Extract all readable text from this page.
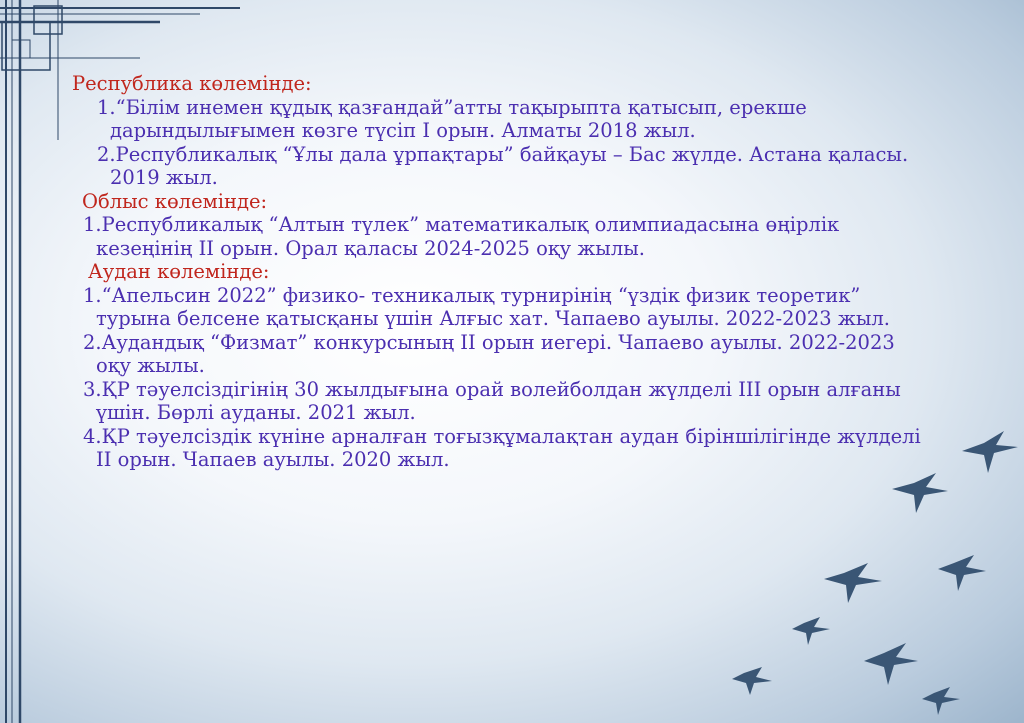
Республика көлемінде:
1.“Білім инемен құдық қазғандай”атты тақырыпта қатысып, ерекше дарындылығымен көзге түсіп I орын. Алматы 2018 жыл.
2.Республикалық “Ұлы дала ұрпақтары” байқауы – Бас жүлде. Астана қаласы. 2019 жыл.
Облыс көлемінде:
1.Республикалық “Алтын түлек” математикалық олимпиадасына өңірлік кезеңінің II орын. Орал қаласы 2024-2025 оқу жылы.
Аудан көлемінде:
1.“Апельсин 2022” физико- техникалық турнирінің “үздік физик теоретик” турына белсене қатысқаны үшін Алғыс хат. Чапаево ауылы. 2022-2023 жыл.
2.Аудандық “Физмат” конкурсының II орын иегері. Чапаево ауылы. 2022-2023 оқу жылы.
3.ҚР тәуелсіздігінің 30 жылдығына орай волейболдан жүлделі III орын алғаны үшін. Бөрлі ауданы. 2021 жыл.
4.ҚР тәуелсіздік күніне арналған тоғызқұмалақтан аудан біріншілігінде жүлделі II орын. Чапаев ауылы. 2020 жыл.
